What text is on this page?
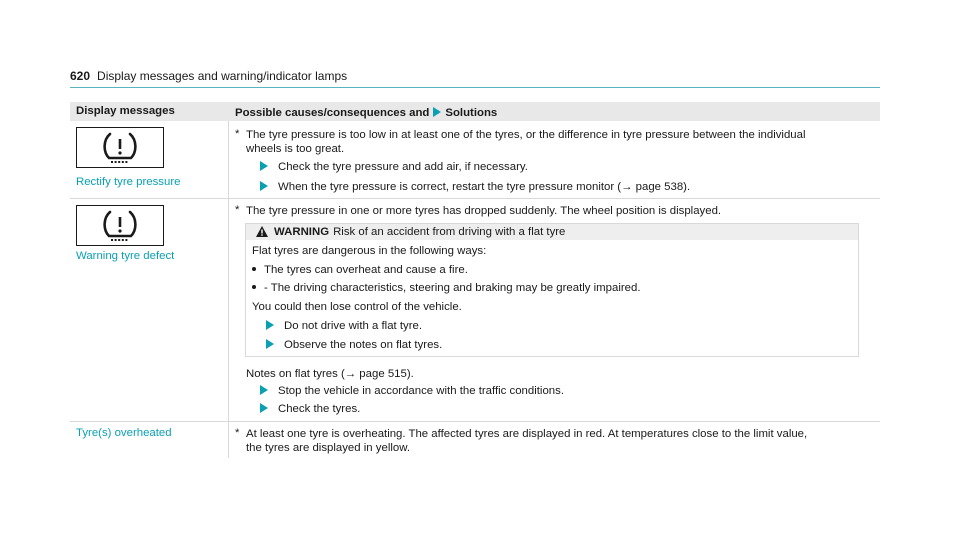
620 Display messages and warning/indicator lamps
Display messages	Possible causes/consequences and Solutions
Rectify tyre pressure
* The tyre pressure is too low in at least one of the tyres, or the difference in tyre pressure between the individual
wheels is too great.
Check the tyre pressure and add air, if necessary.
When the tyre pressure is correct, restart the tyre pressure monitor (→ page 538).
Warning tyre defect
* The tyre pressure in one or more tyres has dropped suddenly. The wheel position is displayed.
WARNING Risk of an accident from driving with a flat tyre
Flat tyres are dangerous in the following ways:
The tyres can overheat and cause a fire.
- The driving characteristics, steering and braking may be greatly impaired.
You could then lose control of the vehicle.
Do not drive with a flat tyre.
Observe the notes on flat tyres.
Notes on flat tyres (→ page 515).
Stop the vehicle in accordance with the traffic conditions.
Check the tyres.
Tyre(s) overheated	* At least one tyre is overheating. The affected tyres are displayed in red. At temperatures close to the limit value,
the tyres are displayed in yellow.
